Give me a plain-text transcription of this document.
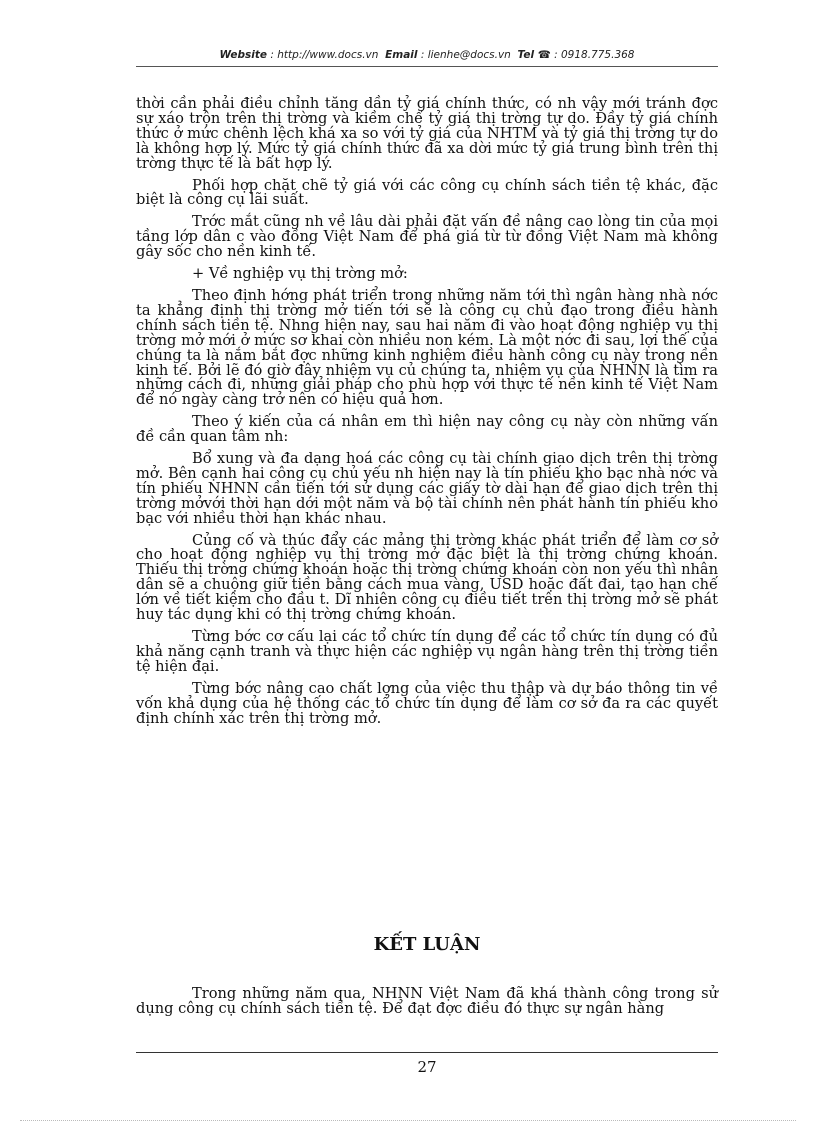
Website : http://www.docs.vn Email : lienhe@docs.vn Tel ☎ : 0918.775.368

thời cần phải điều chỉnh tăng dần tỷ giá chính thức, có nh vậy mới tránh đợc sự xáo trộn trên thị trờng và kiềm chế tỷ giá thị trờng tự do. Đầy tỷ giá chính thức ở mức chênh lệch khá xa so với tỷ giá của NHTM và tỷ giá thị trờng tự do là không hợp lý. Mức tỷ giá chính thức đã xa dời mức tỷ giá trung bình trên thị trờng thực tế là bất hợp lý.

Phối hợp chặt chẽ tỷ giá với các công cụ chính sách tiền tệ khác, đặc biệt là công cụ lãi suất.

Trớc mắt cũng nh về lâu dài phải đặt vấn đề nâng cao lòng tin của mọi tầng lớp dân c vào đồng Việt Nam để phá giá từ từ đồng Việt Nam mà không gây sốc cho nền kinh tế.

+ Về nghiệp vụ thị trờng mở:

Theo định hớng phát triển trong những năm tới thì ngân hàng nhà nớc ta khẳng định thị trờng mở tiến tới sẽ là công cụ chủ đạo trong điều hành chính sách tiền tệ. Nhng hiện nay, sau hai năm đi vào hoạt động nghiệp vụ thị trờng mở mới ở mức sơ khai còn nhiều non kém. Là một nớc đi sau, lợi thế của chúng ta là nắm bắt đợc những kinh nghiệm điều hành công cụ này trong nền kinh tế. Bởi lẽ đó giờ đây nhiệm vụ củ chúng ta, nhiệm vụ của NHNN là tìm ra những cách đi, những giải pháp cho phù hợp với thực tế nền kinh tế Việt Nam để nó ngày càng trở nên có hiệu quả hơn.

Theo ý kiến của cá nhân em thì hiện nay công cụ này còn những vấn đề cần quan tâm nh:

Bổ xung và đa dạng hoá các công cụ tài chính giao dịch trên thị trờng mở. Bên cạnh hai công cụ chủ yếu nh hiện nay là tín phiếu kho bạc nhà nớc và tín phiếu NHNN cần tiến tới sử dụng các giấy tờ dài hạn để giao dịch trên thị trờng mởvới thời hạn dới một năm và bộ tài chính nên phát hành tín phiếu kho bạc với nhiều thời hạn khác nhau.

Củng cố và thúc đẩy các mảng thị trờng khác phát triển để làm cơ sở cho hoạt động nghiệp vụ thị trờng mở đặc biệt là thị trờng chứng khoán. Thiếu thị trờng chứng khoán hoặc thị trờng chứng khoán còn non yếu thì nhân dân sẽ a chuộng giữ tiền bằng cách mua vàng, USD hoặc đất đai, tạo hạn chế lớn về tiết kiệm cho đầu t. Dĩ nhiên công cụ điều tiết trên thị trờng mở sẽ phát huy tác dụng khi có thị trờng chứng khoán.

Từng bớc cơ cấu lại các tổ chức tín dụng để các tổ chức tín dụng có đủ khả năng cạnh tranh và thực hiện các nghiệp vụ ngân hàng trên thị trờng tiền tệ hiện đại.

Từng bớc nâng cao chất lợng của việc thu thập và dự báo thông tin về vốn khả dụng của hệ thống các tổ chức tín dụng để làm cơ sở đa ra các quyết định chính xác trên thị trờng mở.

KẾT LUẬN

Trong những năm qua, NHNN Việt Nam đã khá thành công trong sử dụng công cụ chính sách tiền tệ. Để đạt đợc điều đó thực sự ngân hàng

27
